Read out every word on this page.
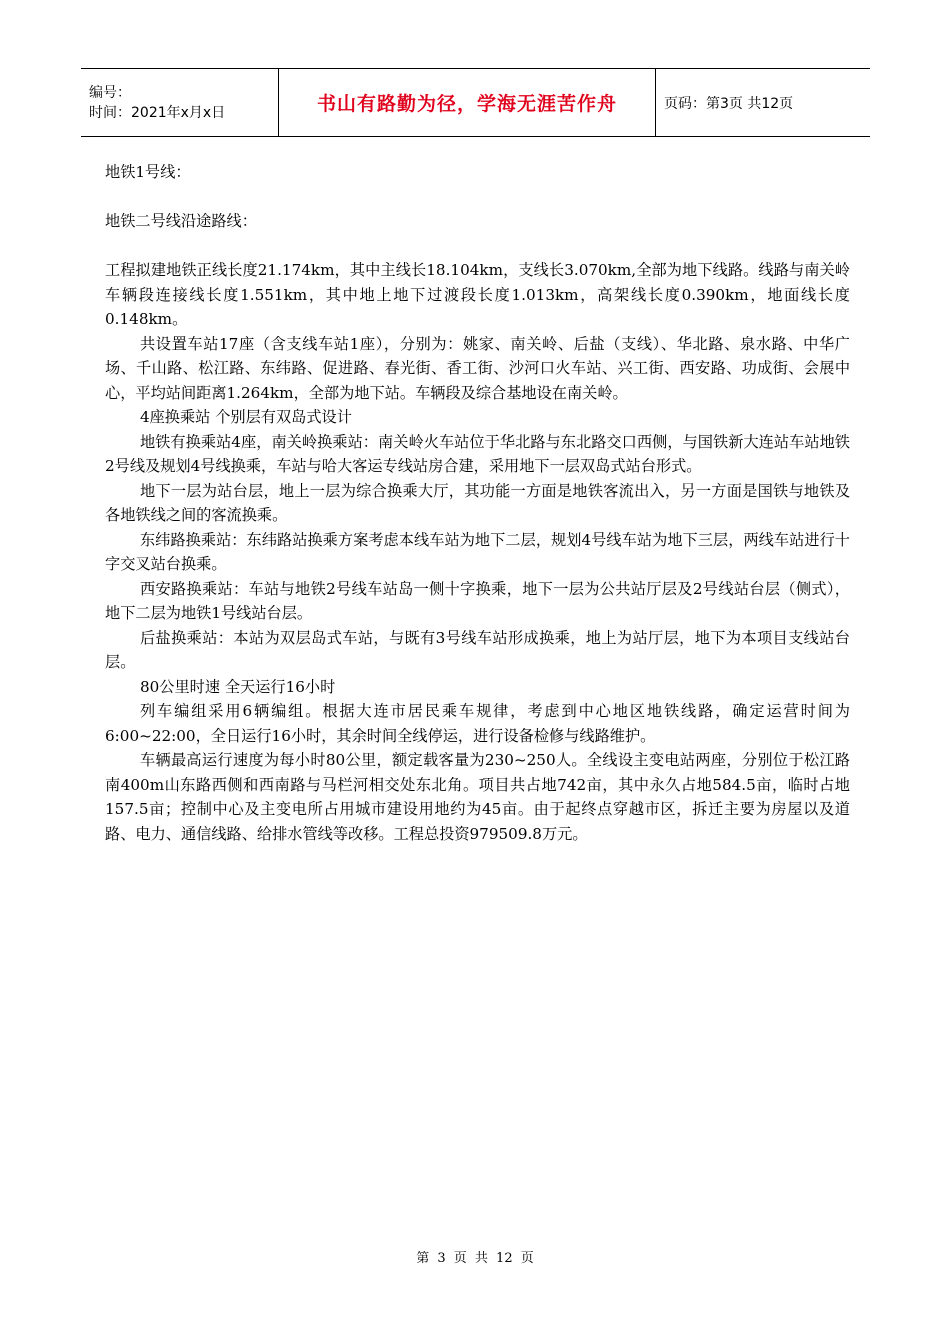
编号：
时间：2021年x月x日	书山有路勤为径，学海无涯苦作舟	页码：第3页 共12页

地铁1号线：

地铁二号线沿途路线：

工程拟建地铁正线长度21.174km，其中主线长18.104km，支线长3.070km,全部为地下线路。线路与南关岭车辆段连接线长度1.551km，其中地上地下过渡段长度1.013km，高架线长度0.390km，地面线长度0.148km。

共设置车站17座（含支线车站1座），分别为：姚家、南关岭、后盐（支线）、华北路、泉水路、中华广场、千山路、松江路、东纬路、促进路、春光街、香工街、沙河口火车站、兴工街、西安路、功成街、会展中心，平均站间距离1.264km，全部为地下站。车辆段及综合基地设在南关岭。

4座换乘站 个别层有双岛式设计

地铁有换乘站4座，南关岭换乘站：南关岭火车站位于华北路与东北路交口西侧，与国铁新大连站车站地铁2号线及规划4号线换乘，车站与哈大客运专线站房合建，采用地下一层双岛式站台形式。

地下一层为站台层，地上一层为综合换乘大厅，其功能一方面是地铁客流出入，另一方面是国铁与地铁及各地铁线之间的客流换乘。

东纬路换乘站：东纬路站换乘方案考虑本线车站为地下二层，规划4号线车站为地下三层，两线车站进行十字交叉站台换乘。

西安路换乘站：车站与地铁2号线车站岛一侧十字换乘，地下一层为公共站厅层及2号线站台层（侧式），地下二层为地铁1号线站台层。

后盐换乘站：本站为双层岛式车站，与既有3号线车站形成换乘，地上为站厅层，地下为本项目支线站台层。

80公里时速 全天运行16小时

列车编组采用6辆编组。根据大连市居民乘车规律，考虑到中心地区地铁线路，确定运营时间为6:00~22:00，全日运行16小时，其余时间全线停运，进行设备检修与线路维护。

车辆最高运行速度为每小时80公里，额定载客量为230~250人。全线设主变电站两座，分别位于松江路南400m山东路西侧和西南路与马栏河相交处东北角。项目共占地742亩，其中永久占地584.5亩，临时占地157.5亩；控制中心及主变电所占用城市建设用地约为45亩。由于起终点穿越市区，拆迁主要为房屋以及道路、电力、通信线路、给排水管线等改移。工程总投资979509.8万元。

第 3 页 共 12 页
